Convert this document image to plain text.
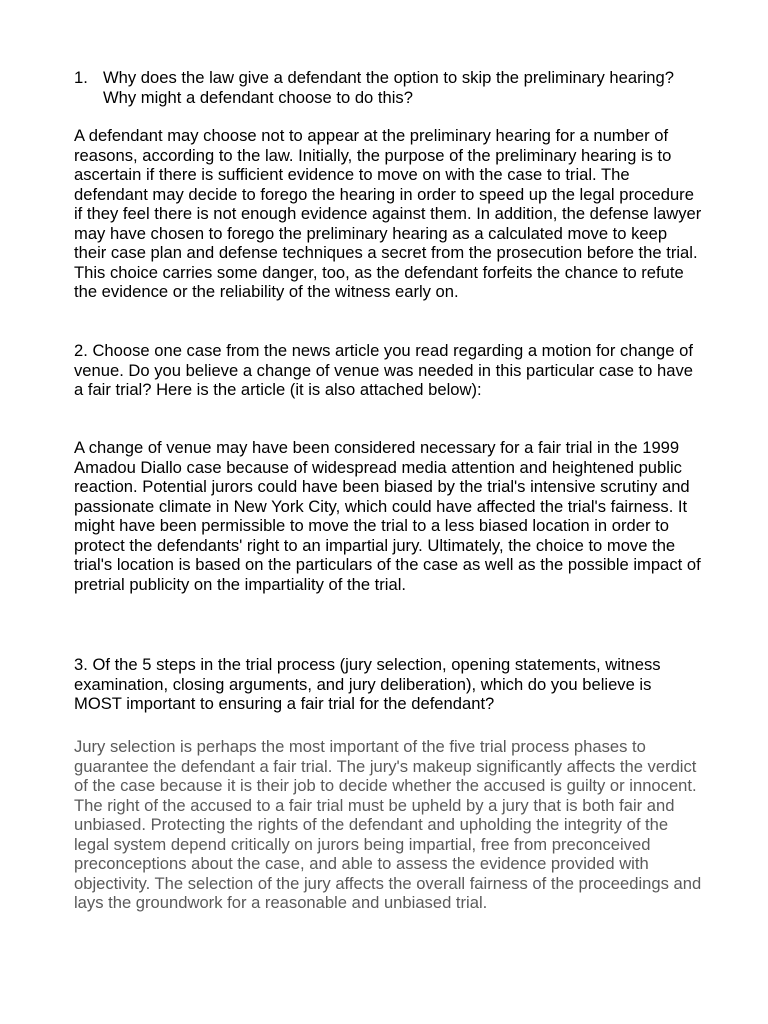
1. Why does the law give a defendant the option to skip the preliminary hearing? Why might a defendant choose to do this?

A defendant may choose not to appear at the preliminary hearing for a number of reasons, according to the law. Initially, the purpose of the preliminary hearing is to ascertain if there is sufficient evidence to move on with the case to trial. The defendant may decide to forego the hearing in order to speed up the legal procedure if they feel there is not enough evidence against them. In addition, the defense lawyer may have chosen to forego the preliminary hearing as a calculated move to keep their case plan and defense techniques a secret from the prosecution before the trial. This choice carries some danger, too, as the defendant forfeits the chance to refute the evidence or the reliability of the witness early on.

2. Choose one case from the news article you read regarding a motion for change of venue. Do you believe a change of venue was needed in this particular case to have a fair trial? Here is the article (it is also attached below):

A change of venue may have been considered necessary for a fair trial in the 1999 Amadou Diallo case because of widespread media attention and heightened public reaction. Potential jurors could have been biased by the trial's intensive scrutiny and passionate climate in New York City, which could have affected the trial's fairness. It might have been permissible to move the trial to a less biased location in order to protect the defendants' right to an impartial jury. Ultimately, the choice to move the trial's location is based on the particulars of the case as well as the possible impact of pretrial publicity on the impartiality of the trial.

3. Of the 5 steps in the trial process (jury selection, opening statements, witness examination, closing arguments, and jury deliberation), which do you believe is MOST important to ensuring a fair trial for the defendant?

Jury selection is perhaps the most important of the five trial process phases to guarantee the defendant a fair trial. The jury's makeup significantly affects the verdict of the case because it is their job to decide whether the accused is guilty or innocent. The right of the accused to a fair trial must be upheld by a jury that is both fair and unbiased. Protecting the rights of the defendant and upholding the integrity of the legal system depend critically on jurors being impartial, free from preconceived preconceptions about the case, and able to assess the evidence provided with objectivity. The selection of the jury affects the overall fairness of the proceedings and lays the groundwork for a reasonable and unbiased trial.
